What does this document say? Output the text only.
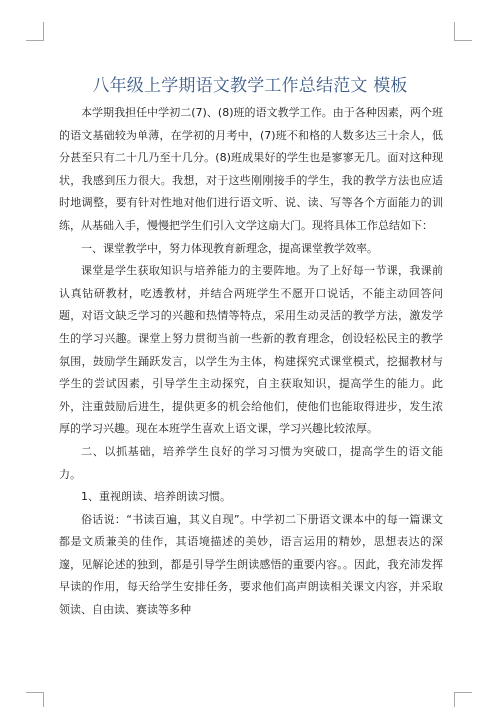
八年级上学期语文教学工作总结范文 模板

本学期我担任中学初二(7)、(8)班的语文教学工作。由于各种因素，两个班的语文基础较为单薄，在学初的月考中，(7)班不和格的人数多达三十余人，低分甚至只有二十几乃至十几分。(8)班成果好的学生也是寥寥无几。面对这种现状，我感到压力很大。我想，对于这些刚刚接手的学生，我的教学方法也应适时地调整，要有针对性地对他们进行语文听、说、读、写等各个方面能力的训练，从基础入手，慢慢把学生们引入文学这扇大门。现将具体工作总结如下：

一、课堂教学中，努力体现教育新理念，提高课堂教学效率。

课堂是学生获取知识与培养能力的主要阵地。为了上好每一节课，我课前认真钻研教材，吃透教材，并结合两班学生不愿开口说话，不能主动回答问题，对语文缺乏学习的兴趣和热情等特点，采用生动灵活的教学方法，激发学生的学习兴趣。课堂上努力贯彻当前一些新的教育理念，创设轻松民主的教学氛围，鼓励学生踊跃发言，以学生为主体，构建探究式课堂模式，挖掘教材与学生的尝试因素，引导学生主动探究，自主获取知识，提高学生的能力。此外，注重鼓励后进生，提供更多的机会给他们，使他们也能取得进步，发生浓厚的学习兴趣。现在本班学生喜欢上语文课，学习兴趣比较浓厚。

二、以抓基础，培养学生良好的学习习惯为突破口，提高学生的语文能力。

1、重视朗读、培养朗读习惯。

俗话说：“书读百遍，其义自现”。中学初二下册语文课本中的每一篇课文都是文质兼美的佳作，其语境描述的美妙，语言运用的精妙，思想表达的深邃，见解论述的独到，都是引导学生朗读感悟的重要内容。。因此，我充沛发挥早读的作用，每天给学生安排任务，要求他们高声朗读相关课文内容，并采取领读、自由读、赛读等多种
